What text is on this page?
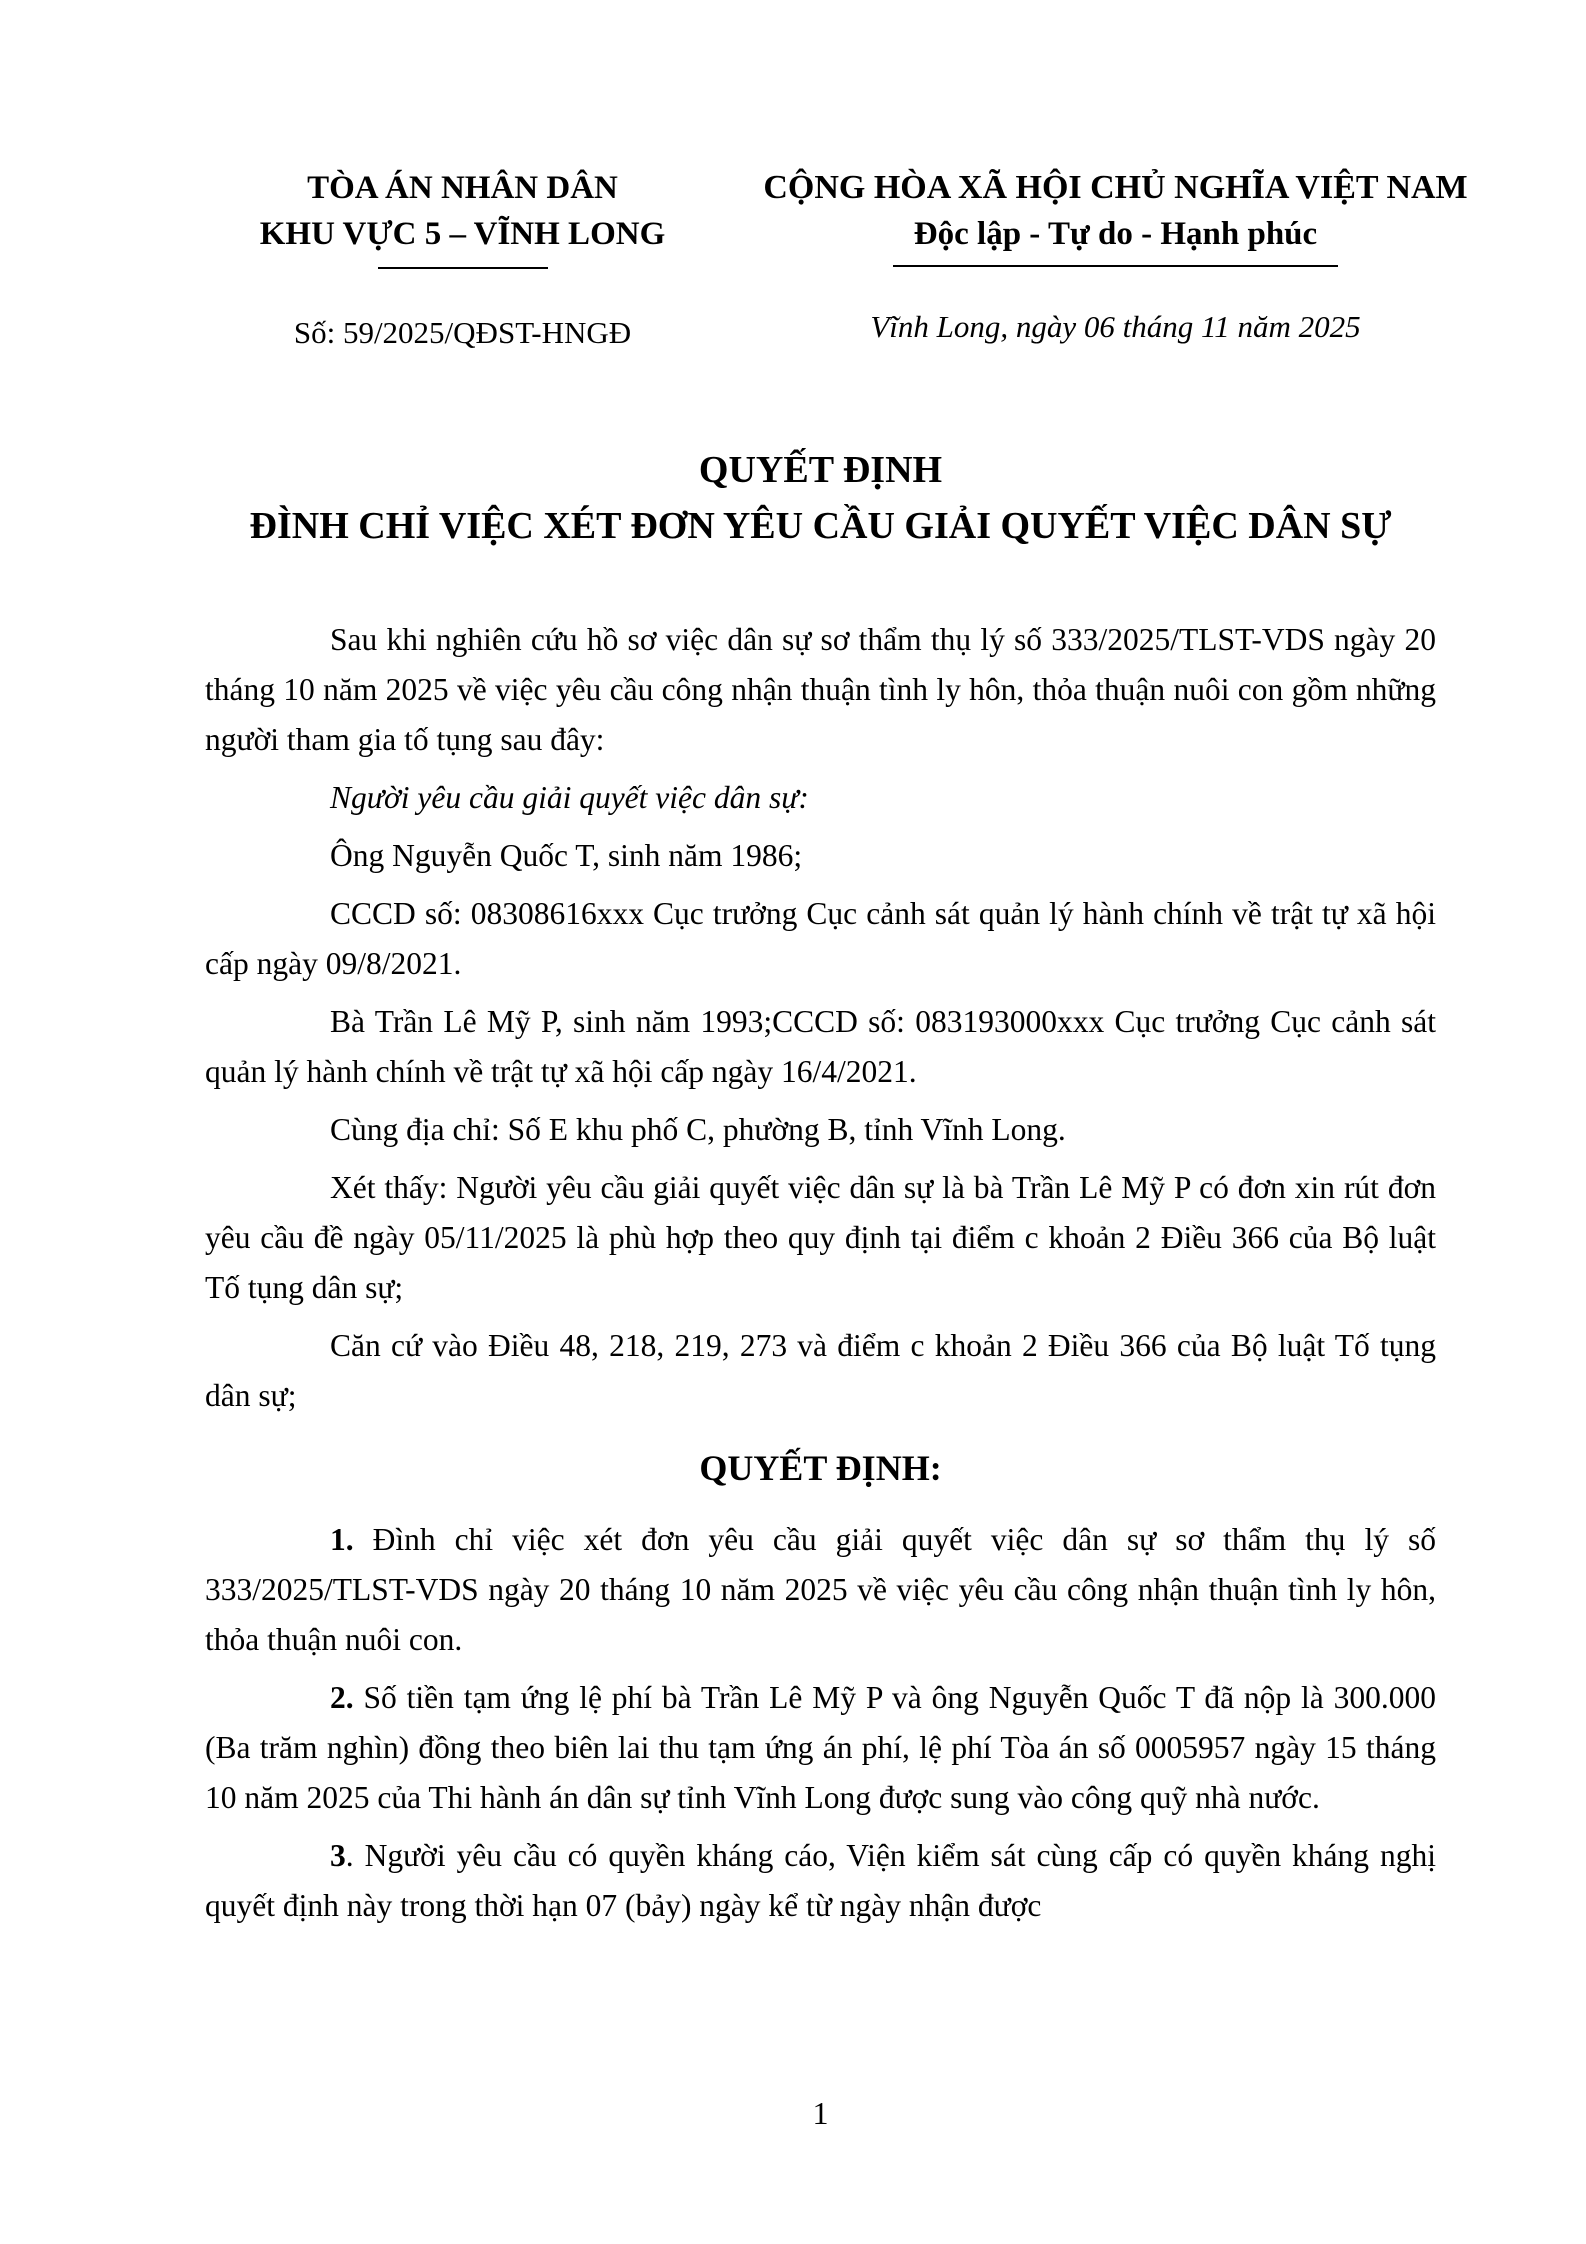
TÒA ÁN NHÂN DÂN
KHU VỰC 5 – VĨNH LONG
Số: 59/2025/QĐST-HNGĐ
CỘNG HÒA XÃ HỘI CHỦ NGHĨA VIỆT NAM
Độc lập - Tự do - Hạnh phúc
Vĩnh Long, ngày 06 tháng 11 năm 2025
QUYẾT ĐỊNH
ĐÌNH CHỈ VIỆC XÉT ĐƠN YÊU CẦU GIẢI QUYẾT VIỆC DÂN SỰ

Sau khi nghiên cứu hồ sơ việc dân sự sơ thẩm thụ lý số 333/2025/TLST-VDS ngày 20 tháng 10 năm 2025 về việc yêu cầu công nhận thuận tình ly hôn, thỏa thuận nuôi con gồm những người tham gia tố tụng sau đây:

Người yêu cầu giải quyết việc dân sự:

Ông Nguyễn Quốc T, sinh năm 1986;

CCCD số: 08308616xxx Cục trưởng Cục cảnh sát quản lý hành chính về trật tự xã hội cấp ngày 09/8/2021.

Bà Trần Lê Mỹ P, sinh năm 1993;CCCD số: 083193000xxx Cục trưởng Cục cảnh sát quản lý hành chính về trật tự xã hội cấp ngày 16/4/2021.

Cùng địa chỉ: Số E khu phố C, phường B, tỉnh Vĩnh Long.

Xét thấy: Người yêu cầu giải quyết việc dân sự là bà Trần Lê Mỹ P có đơn xin rút đơn yêu cầu đề ngày 05/11/2025 là phù hợp theo quy định tại điểm c khoản 2 Điều 366 của Bộ luật Tố tụng dân sự;

Căn cứ vào Điều 48, 218, 219, 273 và điểm c khoản 2 Điều 366 của Bộ luật Tố tụng dân sự;

QUYẾT ĐỊNH:

1. Đình chỉ việc xét đơn yêu cầu giải quyết việc dân sự sơ thẩm thụ lý số 333/2025/TLST-VDS ngày 20 tháng 10 năm 2025 về việc yêu cầu công nhận thuận tình ly hôn, thỏa thuận nuôi con.

2. Số tiền tạm ứng lệ phí bà Trần Lê Mỹ P và ông Nguyễn Quốc T đã nộp là 300.000 (Ba trăm nghìn) đồng theo biên lai thu tạm ứng án phí, lệ phí Tòa án số 0005957 ngày 15 tháng 10 năm 2025 của Thi hành án dân sự tỉnh Vĩnh Long được sung vào công quỹ nhà nước.

3. Người yêu cầu có quyền kháng cáo, Viện kiểm sát cùng cấp có quyền kháng nghị quyết định này trong thời hạn 07 (bảy) ngày kể từ ngày nhận được

1
